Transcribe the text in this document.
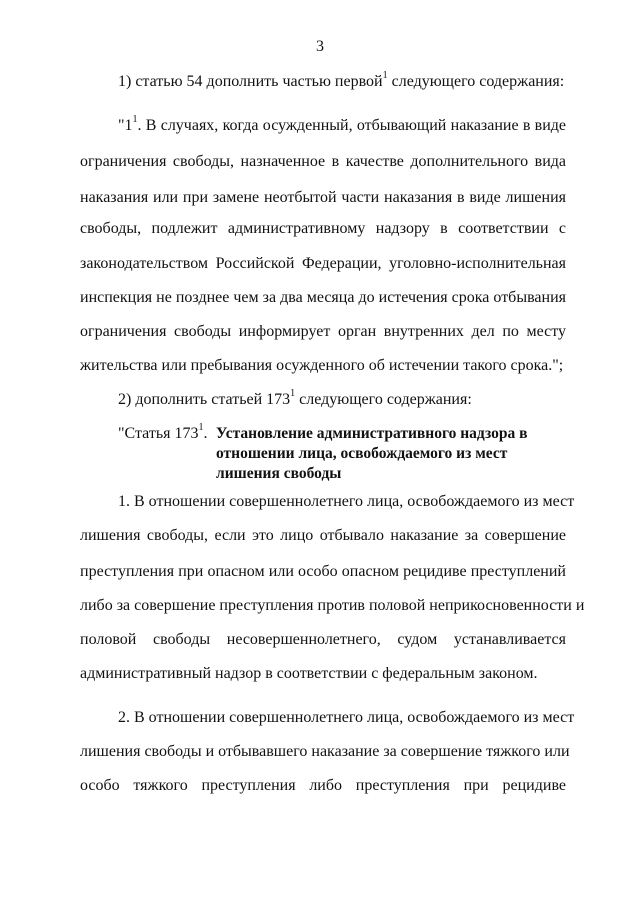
3
1) статью 54 дополнить частью первой$^1$ следующего содержания:
"$1^1$. В случаях, когда осужденный, отбывающий наказание в виде
ограничения свободы, назначенное в качестве дополнительного вида
наказания или при замене неотбытой части наказания в виде лишения
свободы, подлежит административному надзору в соответствии с
законодательством Российской Федерации, уголовно-исполнительная
инспекция не позднее чем за два месяца до истечения срока отбывания
ограничения свободы информирует орган внутренних дел по месту
жительства или пребывания осужденного об истечении такого срока.";
2) дополнить статьей $173^1$ следующего содержания:
"Статья $173^1$. Установление административного надзора в
отношении лица, освобождаемого из мест
лишения свободы
1. В отношении совершеннолетнего лица, освобождаемого из мест
лишения свободы, если это лицо отбывало наказание за совершение
преступления при опасном или особо опасном рецидиве преступлений
либо за совершение преступления против половой неприкосновенности и
половой свободы несовершеннолетнего, судом устанавливается
административный надзор в соответствии с федеральным законом.
2. В отношении совершеннолетнего лица, освобождаемого из мест
лишения свободы и отбывавшего наказание за совершение тяжкого или
особо тяжкого преступления либо преступления при рецидиве
